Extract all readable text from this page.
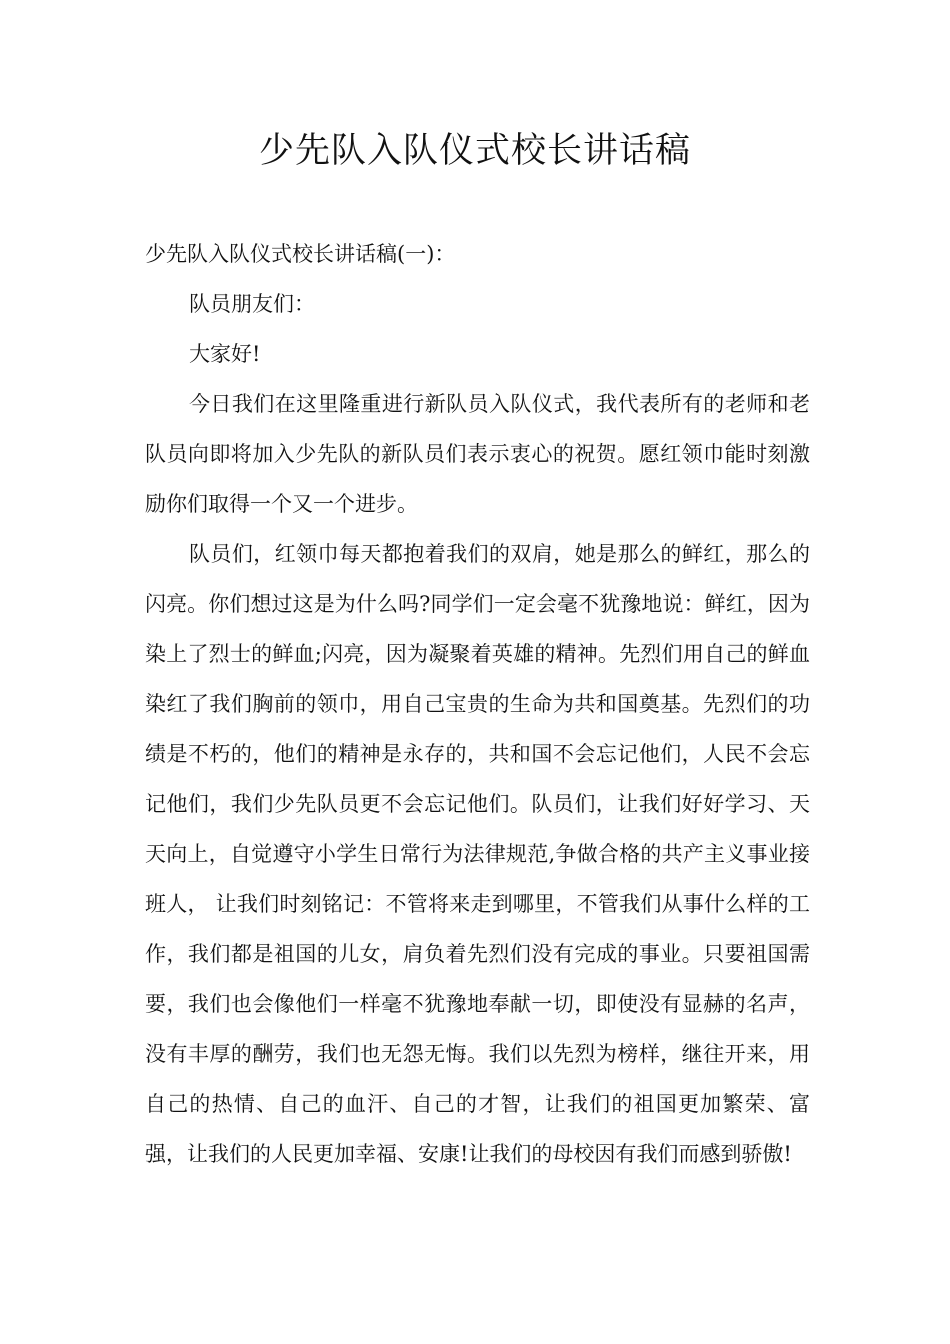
少先队入队仪式校长讲话稿

少先队入队仪式校长讲话稿(一)：

队员朋友们：

大家好!

今日我们在这里隆重进行新队员入队仪式，我代表所有的老师和老队员向即将加入少先队的新队员们表示衷心的祝贺。愿红领巾能时刻激励你们取得一个又一个进步。

队员们，红领巾每天都抱着我们的双肩，她是那么的鲜红，那么的闪亮。你们想过这是为什么吗?同学们一定会毫不犹豫地说：鲜红，因为染上了烈士的鲜血;闪亮，因为凝聚着英雄的精神。先烈们用自己的鲜血染红了我们胸前的领巾，用自己宝贵的生命为共和国奠基。先烈们的功绩是不朽的，他们的精神是永存的，共和国不会忘记他们，人民不会忘记他们，我们少先队员更不会忘记他们。队员们，让我们好好学习、天天向上，自觉遵守小学生日常行为法律规范,争做合格的共产主义事业接班人， 让我们时刻铭记：不管将来走到哪里，不管我们从事什么样的工作，我们都是祖国的儿女，肩负着先烈们没有完成的事业。只要祖国需要，我们也会像他们一样毫不犹豫地奉献一切，即使没有显赫的名声，没有丰厚的酬劳，我们也无怨无悔。我们以先烈为榜样，继往开来，用自己的热情、自己的血汗、自己的才智，让我们的祖国更加繁荣、富强，让我们的人民更加幸福、安康!让我们的母校因有我们而感到骄傲!
